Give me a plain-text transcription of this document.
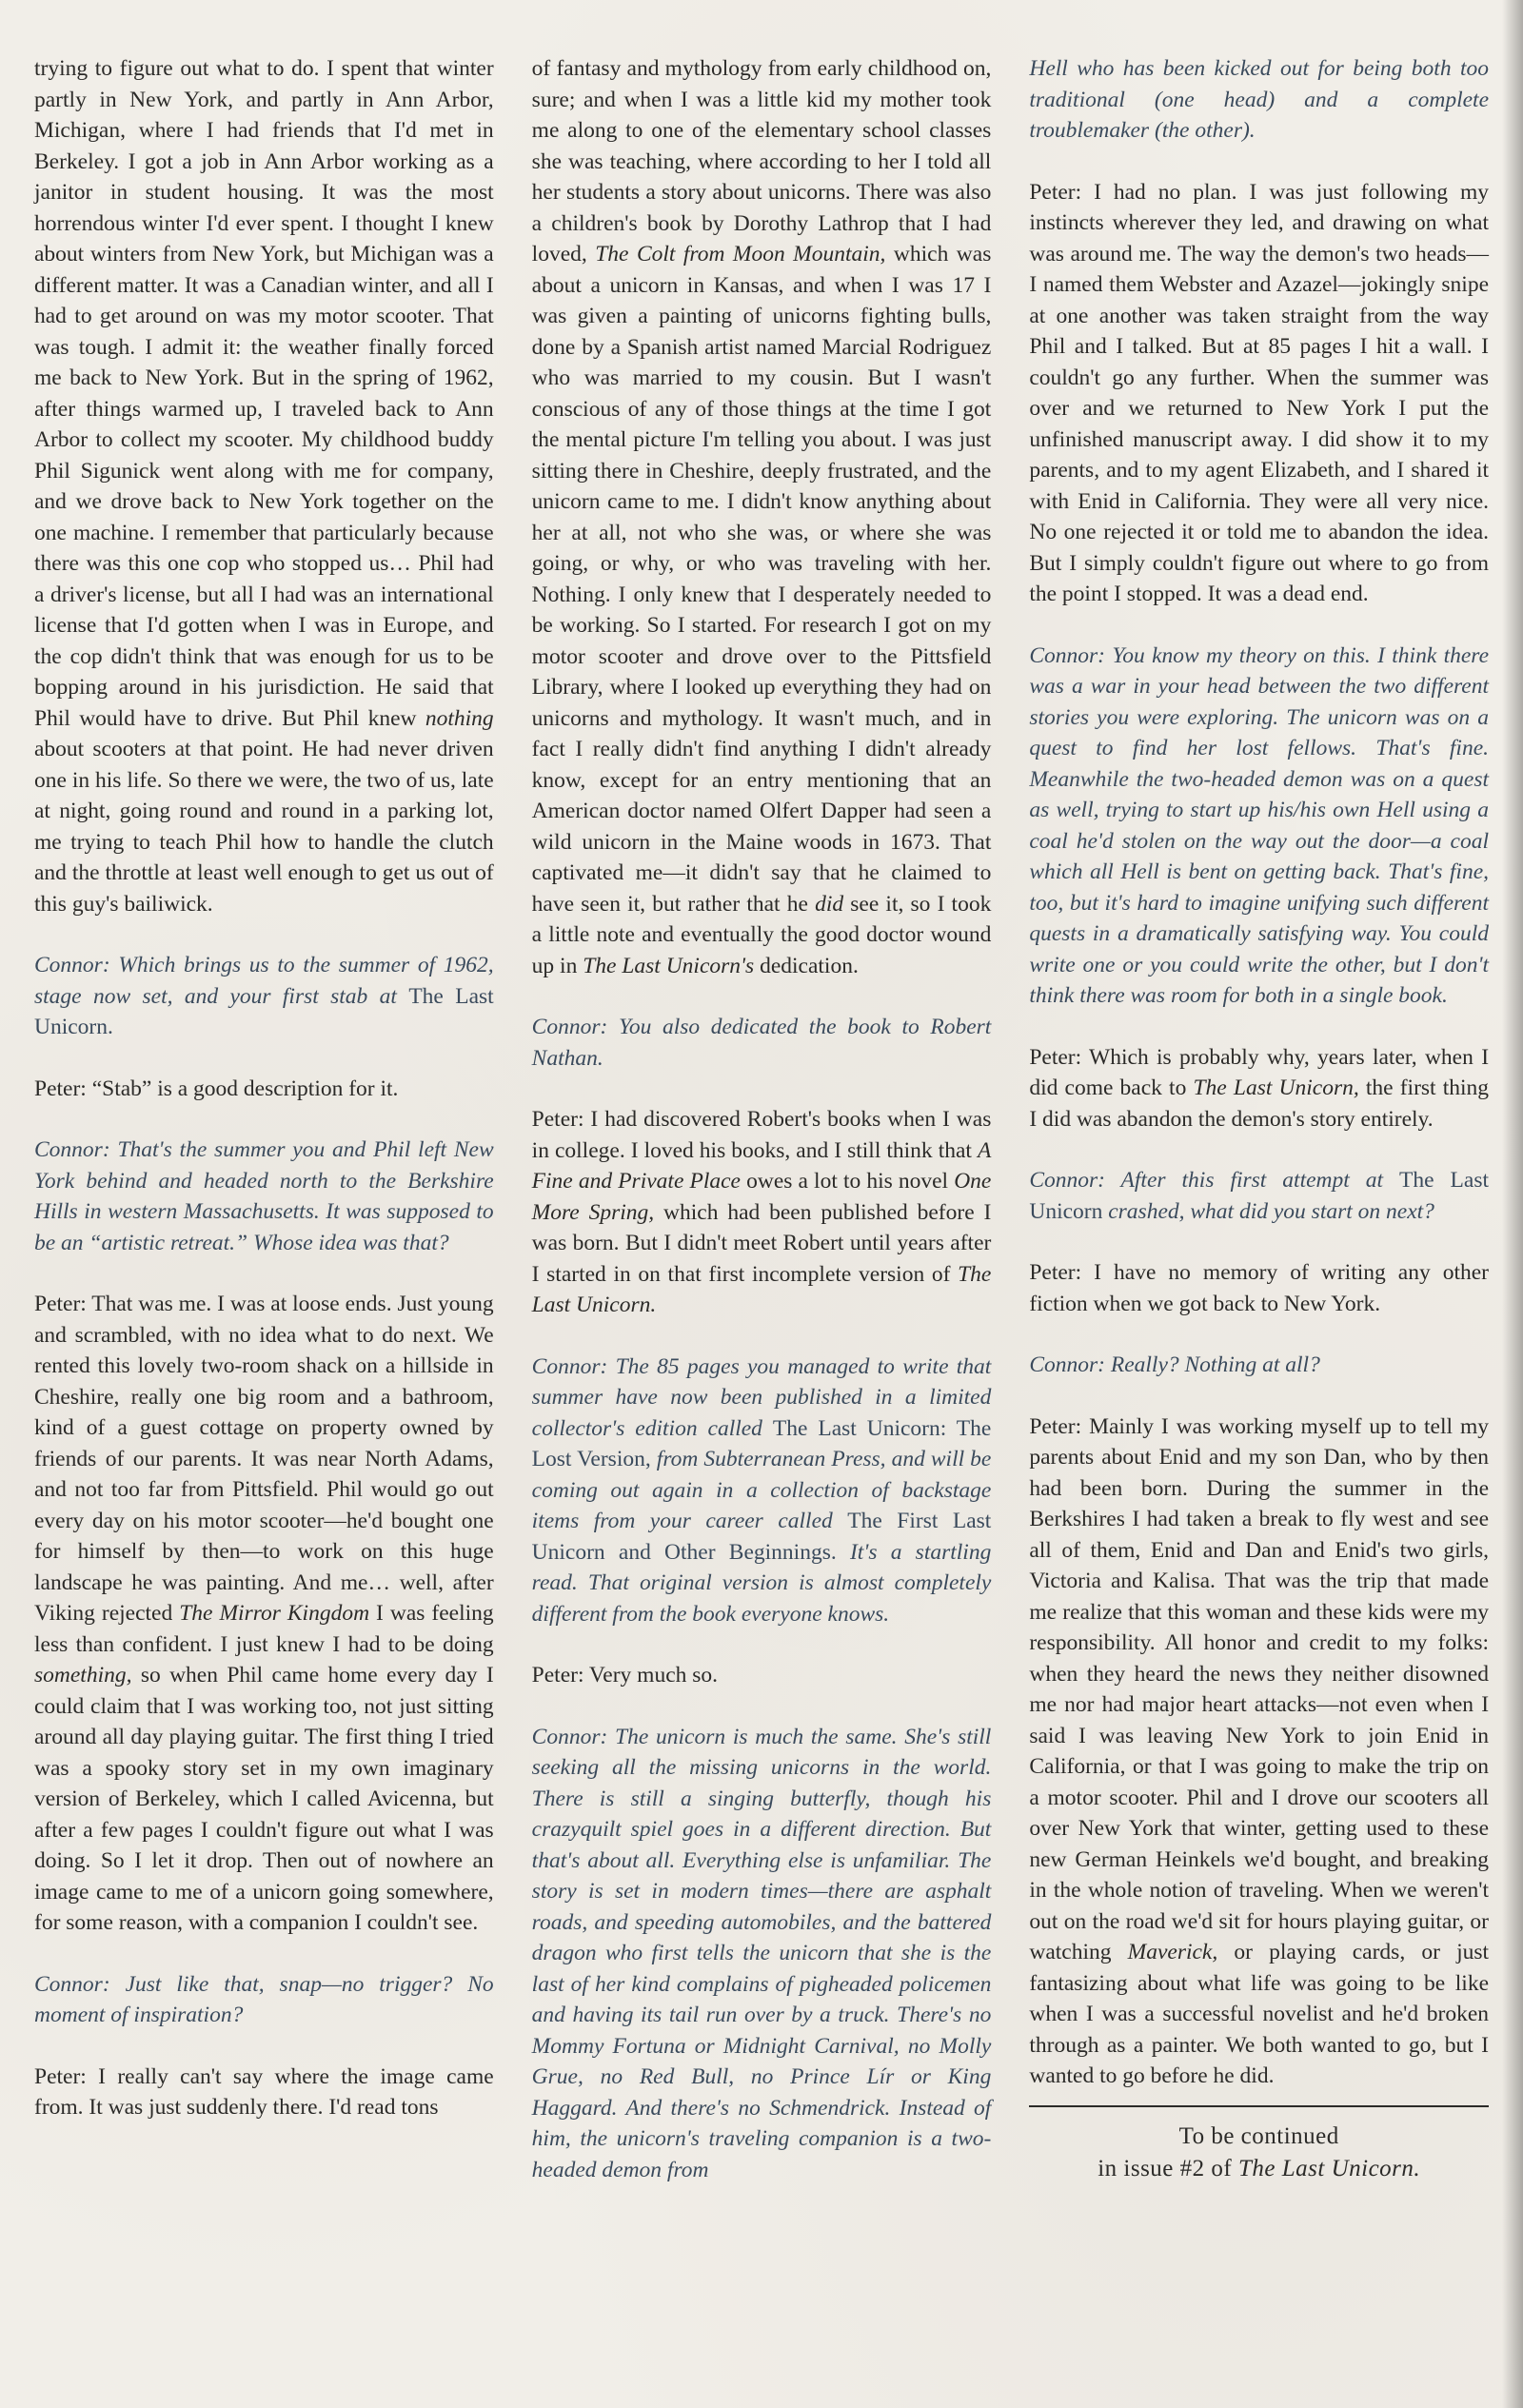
trying to figure out what to do. I spent that winter partly in New York, and partly in Ann Arbor, Michigan, where I had friends that I'd met in Berkeley. I got a job in Ann Arbor working as a janitor in student housing. It was the most horrendous winter I'd ever spent. I thought I knew about winters from New York, but Michigan was a different matter. It was a Canadian winter, and all I had to get around on was my motor scooter. That was tough. I admit it: the weather finally forced me back to New York. But in the spring of 1962, after things warmed up, I traveled back to Ann Arbor to collect my scooter. My childhood buddy Phil Sigunick went along with me for company, and we drove back to New York together on the one machine. I remember that particularly because there was this one cop who stopped us… Phil had a driver's license, but all I had was an international license that I'd gotten when I was in Europe, and the cop didn't think that was enough for us to be bopping around in his jurisdiction. He said that Phil would have to drive. But Phil knew nothing about scooters at that point. He had never driven one in his life. So there we were, the two of us, late at night, going round and round in a parking lot, me trying to teach Phil how to handle the clutch and the throttle at least well enough to get us out of this guy's bailiwick.

Connor: Which brings us to the summer of 1962, stage now set, and your first stab at The Last Unicorn.

Peter: “Stab” is a good description for it.

Connor: That's the summer you and Phil left New York behind and headed north to the Berkshire Hills in western Massachusetts. It was supposed to be an “artistic retreat.” Whose idea was that?

Peter: That was me. I was at loose ends. Just young and scrambled, with no idea what to do next. We rented this lovely two-room shack on a hillside in Cheshire, really one big room and a bathroom, kind of a guest cottage on property owned by friends of our parents. It was near North Adams, and not too far from Pittsfield. Phil would go out every day on his motor scooter—he'd bought one for himself by then—to work on this huge landscape he was painting. And me… well, after Viking rejected The Mirror Kingdom I was feeling less than confident. I just knew I had to be doing something, so when Phil came home every day I could claim that I was working too, not just sitting around all day playing guitar. The first thing I tried was a spooky story set in my own imaginary version of Berkeley, which I called Avicenna, but after a few pages I couldn't figure out what I was doing. So I let it drop. Then out of nowhere an image came to me of a unicorn going somewhere, for some reason, with a companion I couldn't see.

Connor: Just like that, snap—no trigger? No moment of inspiration?

Peter: I really can't say where the image came from. It was just suddenly there. I'd read tons

of fantasy and mythology from early childhood on, sure; and when I was a little kid my mother took me along to one of the elementary school classes she was teaching, where according to her I told all her students a story about unicorns. There was also a children's book by Dorothy Lathrop that I had loved, The Colt from Moon Mountain, which was about a unicorn in Kansas, and when I was 17 I was given a painting of unicorns fighting bulls, done by a Spanish artist named Marcial Rodriguez who was married to my cousin. But I wasn't conscious of any of those things at the time I got the mental picture I'm telling you about. I was just sitting there in Cheshire, deeply frustrated, and the unicorn came to me. I didn't know anything about her at all, not who she was, or where she was going, or why, or who was traveling with her. Nothing. I only knew that I desperately needed to be working. So I started. For research I got on my motor scooter and drove over to the Pittsfield Library, where I looked up everything they had on unicorns and mythology. It wasn't much, and in fact I really didn't find anything I didn't already know, except for an entry mentioning that an American doctor named Olfert Dapper had seen a wild unicorn in the Maine woods in 1673. That captivated me—it didn't say that he claimed to have seen it, but rather that he did see it, so I took a little note and eventually the good doctor wound up in The Last Unicorn's dedication.

Connor: You also dedicated the book to Robert Nathan.

Peter: I had discovered Robert's books when I was in college. I loved his books, and I still think that A Fine and Private Place owes a lot to his novel One More Spring, which had been published before I was born. But I didn't meet Robert until years after I started in on that first incomplete version of The Last Unicorn.

Connor: The 85 pages you managed to write that summer have now been published in a limited collector's edition called The Last Unicorn: The Lost Version, from Subterranean Press, and will be coming out again in a collection of backstage items from your career called The First Last Unicorn and Other Beginnings. It's a startling read. That original version is almost completely different from the book everyone knows.

Peter: Very much so.

Connor: The unicorn is much the same. She's still seeking all the missing unicorns in the world. There is still a singing butterfly, though his crazyquilt spiel goes in a different direction. But that's about all. Everything else is unfamiliar. The story is set in modern times—there are asphalt roads, and speeding automobiles, and the battered dragon who first tells the unicorn that she is the last of her kind complains of pigheaded policemen and having its tail run over by a truck. There's no Mommy Fortuna or Midnight Carnival, no Molly Grue, no Red Bull, no Prince Lír or King Haggard. And there's no Schmendrick. Instead of him, the unicorn's traveling companion is a two-headed demon from

Hell who has been kicked out for being both too traditional (one head) and a complete troublemaker (the other).

Peter: I had no plan. I was just following my instincts wherever they led, and drawing on what was around me. The way the demon's two heads—I named them Webster and Azazel—jokingly snipe at one another was taken straight from the way Phil and I talked. But at 85 pages I hit a wall. I couldn't go any further. When the summer was over and we returned to New York I put the unfinished manuscript away. I did show it to my parents, and to my agent Elizabeth, and I shared it with Enid in California. They were all very nice. No one rejected it or told me to abandon the idea. But I simply couldn't figure out where to go from the point I stopped. It was a dead end.

Connor: You know my theory on this. I think there was a war in your head between the two different stories you were exploring. The unicorn was on a quest to find her lost fellows. That's fine. Meanwhile the two-headed demon was on a quest as well, trying to start up his/his own Hell using a coal he'd stolen on the way out the door—a coal which all Hell is bent on getting back. That's fine, too, but it's hard to imagine unifying such different quests in a dramatically satisfying way. You could write one or you could write the other, but I don't think there was room for both in a single book.

Peter: Which is probably why, years later, when I did come back to The Last Unicorn, the first thing I did was abandon the demon's story entirely.

Connor: After this first attempt at The Last Unicorn crashed, what did you start on next?

Peter: I have no memory of writing any other fiction when we got back to New York.

Connor: Really? Nothing at all?

Peter: Mainly I was working myself up to tell my parents about Enid and my son Dan, who by then had been born. During the summer in the Berkshires I had taken a break to fly west and see all of them, Enid and Dan and Enid's two girls, Victoria and Kalisa. That was the trip that made me realize that this woman and these kids were my responsibility. All honor and credit to my folks: when they heard the news they neither disowned me nor had major heart attacks—not even when I said I was leaving New York to join Enid in California, or that I was going to make the trip on a motor scooter. Phil and I drove our scooters all over New York that winter, getting used to these new German Heinkels we'd bought, and breaking in the whole notion of traveling. When we weren't out on the road we'd sit for hours playing guitar, or watching Maverick, or playing cards, or just fantasizing about what life was going to be like when I was a successful novelist and he'd broken through as a painter. We both wanted to go, but I wanted to go before he did.

To be continued
in issue #2 of The Last Unicorn.
